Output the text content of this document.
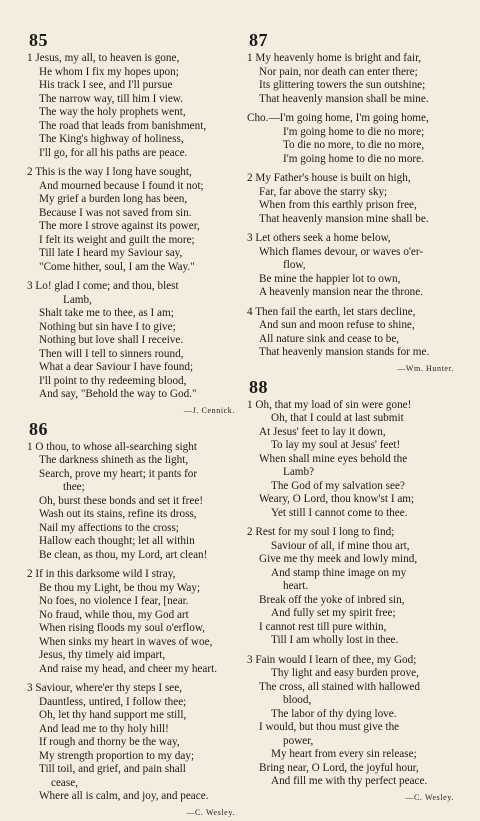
85
1 Jesus, my all, to heaven is gone,
He whom I fix my hopes upon;
His track I see, and I'll pursue
The narrow way, till him I view.
The way the holy prophets went,
The road that leads from banishment,
The King's highway of holiness,
I'll go, for all his paths are peace.
2 This is the way I long have sought,
And mourned because I found it not;
My grief a burden long has been,
Because I was not saved from sin.
The more I strove against its power,
I felt its weight and guilt the more;
Till late I heard my Saviour say,
"Come hither, soul, I am the Way."
3 Lo! glad I come; and thou, blest
Lamb,
Shalt take me to thee, as I am;
Nothing but sin have I to give;
Nothing but love shall I receive.
Then will I tell to sinners round,
What a dear Saviour I have found;
I'll point to thy redeeming blood,
And say, "Behold the way to God."
—J. Cennick.
86
1 O thou, to whose all-searching sight
The darkness shineth as the light,
Search, prove my heart; it pants for
thee;
Oh, burst these bonds and set it free!
Wash out its stains, refine its dross,
Nail my affections to the cross;
Hallow each thought; let all within
Be clean, as thou, my Lord, art clean!
2 If in this darksome wild I stray,
Be thou my Light, be thou my Way;
No foes, no violence I fear, [near.
No fraud, while thou, my God art
When rising floods my soul o'erflow,
When sinks my heart in waves of woe,
Jesus, thy timely aid impart,
And raise my head, and cheer my heart.
3 Saviour, where'er thy steps I see,
Dauntless, untired, I follow thee;
Oh, let thy hand support me still,
And lead me to thy holy hill!
If rough and thorny be the way,
My strength proportion to my day;
Till toil, and grief, and pain shall
cease,
Where all is calm, and joy, and peace.
—C. Wesley.
87
1 My heavenly home is bright and fair,
Nor pain, nor death can enter there;
Its glittering towers the sun outshine;
That heavenly mansion shall be mine.
Cho.—I'm going home, I'm going home,
I'm going home to die no more;
To die no more, to die no more,
I'm going home to die no more.
2 My Father's house is built on high,
Far, far above the starry sky;
When from this earthly prison free,
That heavenly mansion mine shall be.
3 Let others seek a home below,
Which flames devour, or waves o'er-
flow,
Be mine the happier lot to own,
A heavenly mansion near the throne.
4 Then fail the earth, let stars decline,
And sun and moon refuse to shine,
All nature sink and cease to be,
That heavenly mansion stands for me.
—Wm. Hunter.
88
1 Oh, that my load of sin were gone!
Oh, that I could at last submit
At Jesus' feet to lay it down,
To lay my soul at Jesus' feet!
When shall mine eyes behold the
Lamb?
The God of my salvation see?
Weary, O Lord, thou know'st I am;
Yet still I cannot come to thee.
2 Rest for my soul I long to find;
Saviour of all, if mine thou art,
Give me thy meek and lowly mind,
And stamp thine image on my
heart.
Break off the yoke of inbred sin,
And fully set my spirit free;
I cannot rest till pure within,
Till I am wholly lost in thee.
3 Fain would I learn of thee, my God;
Thy light and easy burden prove,
The cross, all stained with hallowed
blood,
The labor of thy dying love.
I would, but thou must give the
power,
My heart from every sin release;
Bring near, O Lord, the joyful hour,
And fill me with thy perfect peace.
—C. Wesley.
